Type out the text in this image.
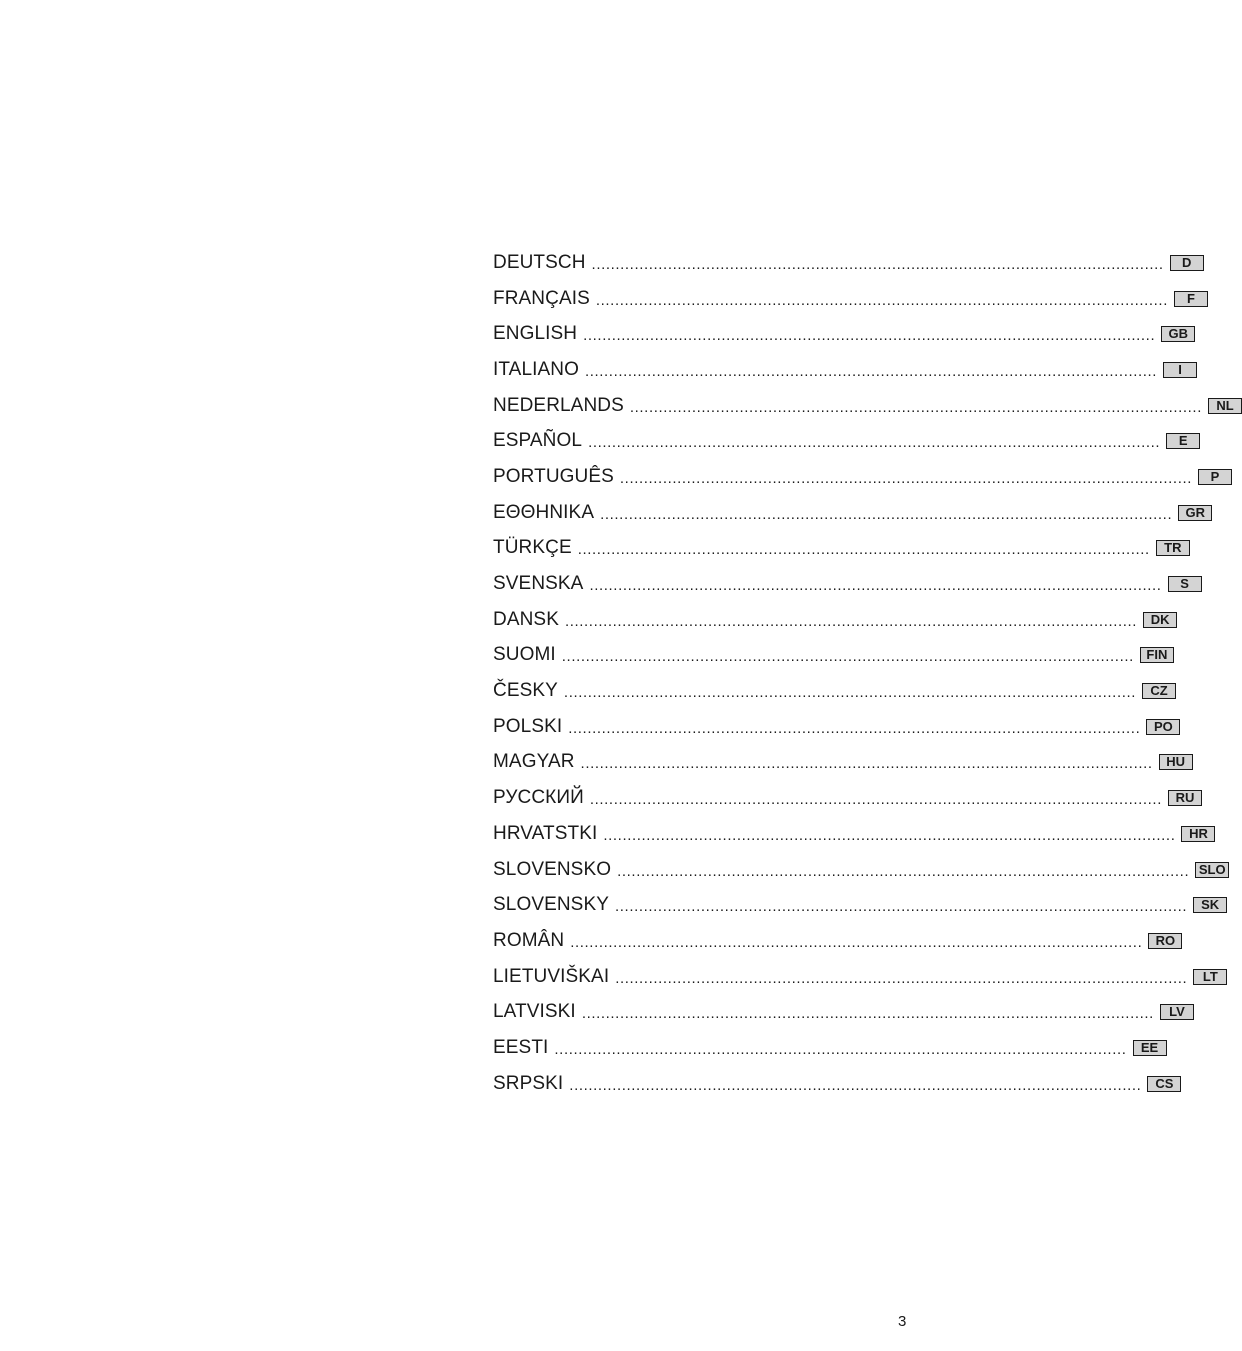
DEUTSCH ........................................................................................................................	D
FRANÇAIS ........................................................................................................................	F
ENGLISH ........................................................................................................................	GB
ITALIANO ........................................................................................................................	I
NEDERLANDS ........................................................................................................................	NL
ESPAÑOL ........................................................................................................................	E
PORTUGUÊS ........................................................................................................................	P
ΕΘΘΗΝΙΚΑ ........................................................................................................................	GR
TÜRKÇE ........................................................................................................................	TR
SVENSKA ........................................................................................................................	S
DANSK ........................................................................................................................	DK
SUOMI ........................................................................................................................ FIN
ČESKY ........................................................................................................................	CZ
POLSKI ........................................................................................................................	PO
MAGYAR ........................................................................................................................	HU
РУССКИЙ ........................................................................................................................	RU
HRVATSTKI ........................................................................................................................	HR
SLOVENSKO ........................................................................................................................ SLO
SLOVENSKY ........................................................................................................................	SK
ROMÂN ........................................................................................................................	RO
LIETUVIŠKAI ........................................................................................................................	LT
LATVISKI ........................................................................................................................	LV
EESTI ........................................................................................................................	EE
SRPSKI ........................................................................................................................	CS
3
